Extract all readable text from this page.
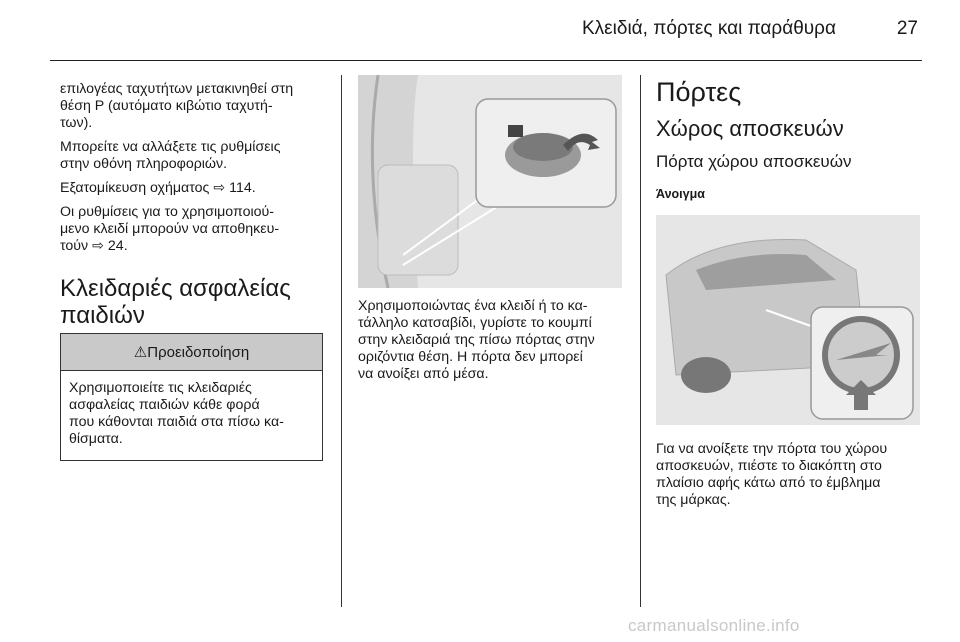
Κλειδιά, πόρτες και παράθυρα	27
επιλογέας ταχυτήτων μετακινηθεί στη
θέση P (αυτόματο κιβώτιο ταχυτή-
των).
Μπορείτε να αλλάξετε τις ρυθμίσεις
στην οθόνη πληροφοριών.
Εξατομίκευση οχήματος ⇨ 114.
Οι ρυθμίσεις για το χρησιμοποιού-
μενο κλειδί μπορούν να αποθηκευ-
τούν ⇨ 24.
Κλειδαριές ασφαλείας
παιδιών
⚠Προειδοποίηση
Χρησιμοποιείτε τις κλειδαριές
ασφαλείας παιδιών κάθε φορά
που κάθονται παιδιά στα πίσω κα-
θίσματα.
Χρησιμοποιώντας ένα κλειδί ή το κα-
τάλληλο κατσαβίδι, γυρίστε το κουμπί
στην κλειδαριά της πίσω πόρτας στην
οριζόντια θέση. Η πόρτα δεν μπορεί
να ανοίξει από μέσα.
Πόρτες
Χώρος αποσκευών
Πόρτα χώρου αποσκευών
Άνοιγμα
Για να ανοίξετε την πόρτα του χώρου
αποσκευών, πιέστε το διακόπτη στο
πλαίσιο αφής κάτω από το έμβλημα
της μάρκας.
carmanualsonline.info
